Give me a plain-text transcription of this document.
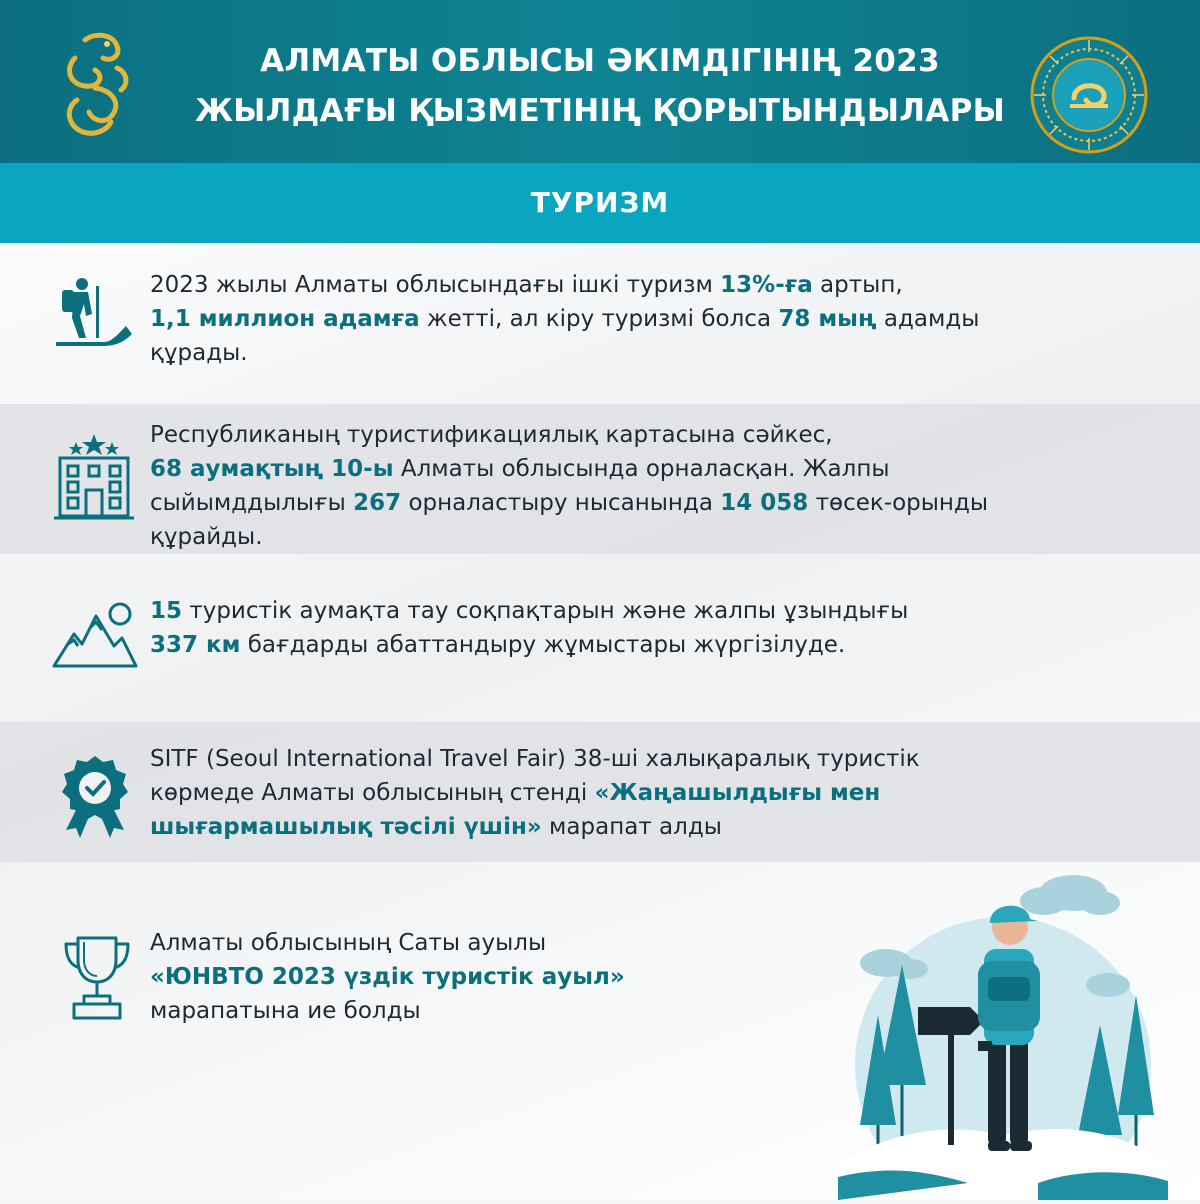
АЛМАТЫ ОБЛЫСЫ ӘКІМДІГІНІҢ 2023
ЖЫЛДАҒЫ ҚЫЗМЕТІНІҢ ҚОРЫТЫНДЫЛАРЫ
ТУРИЗМ

2023 жылы Алматы облысындағы ішкі туризм 13%-ға артып,

1,1 миллион адамға жетті, ал кіру туризмі болса 78 мың адамды

құрады.

Республиканың туристификациялық картасына сәйкес,

68 аумақтың 10-ы Алматы облысында орналасқан. Жалпы

сыйымддылығы 267 орналастыру нысанында 14 058 төсек-орынды

құрайды.

15 туристік аумақта тау соқпақтарын және жалпы ұзындығы

337 км бағдарды абаттандыру жұмыстары жүргізілуде.

SITF (Seoul International Travel Fair) 38-ші халықаралық туристік

көрмеде Алматы облысының стенді «Жаңашылдығы мен

шығармашылық тәсілі үшін» марапат алды

Алматы облысының Саты ауылы

«ЮНВТО 2023 үздік туристік ауыл»

марапатына ие болды
